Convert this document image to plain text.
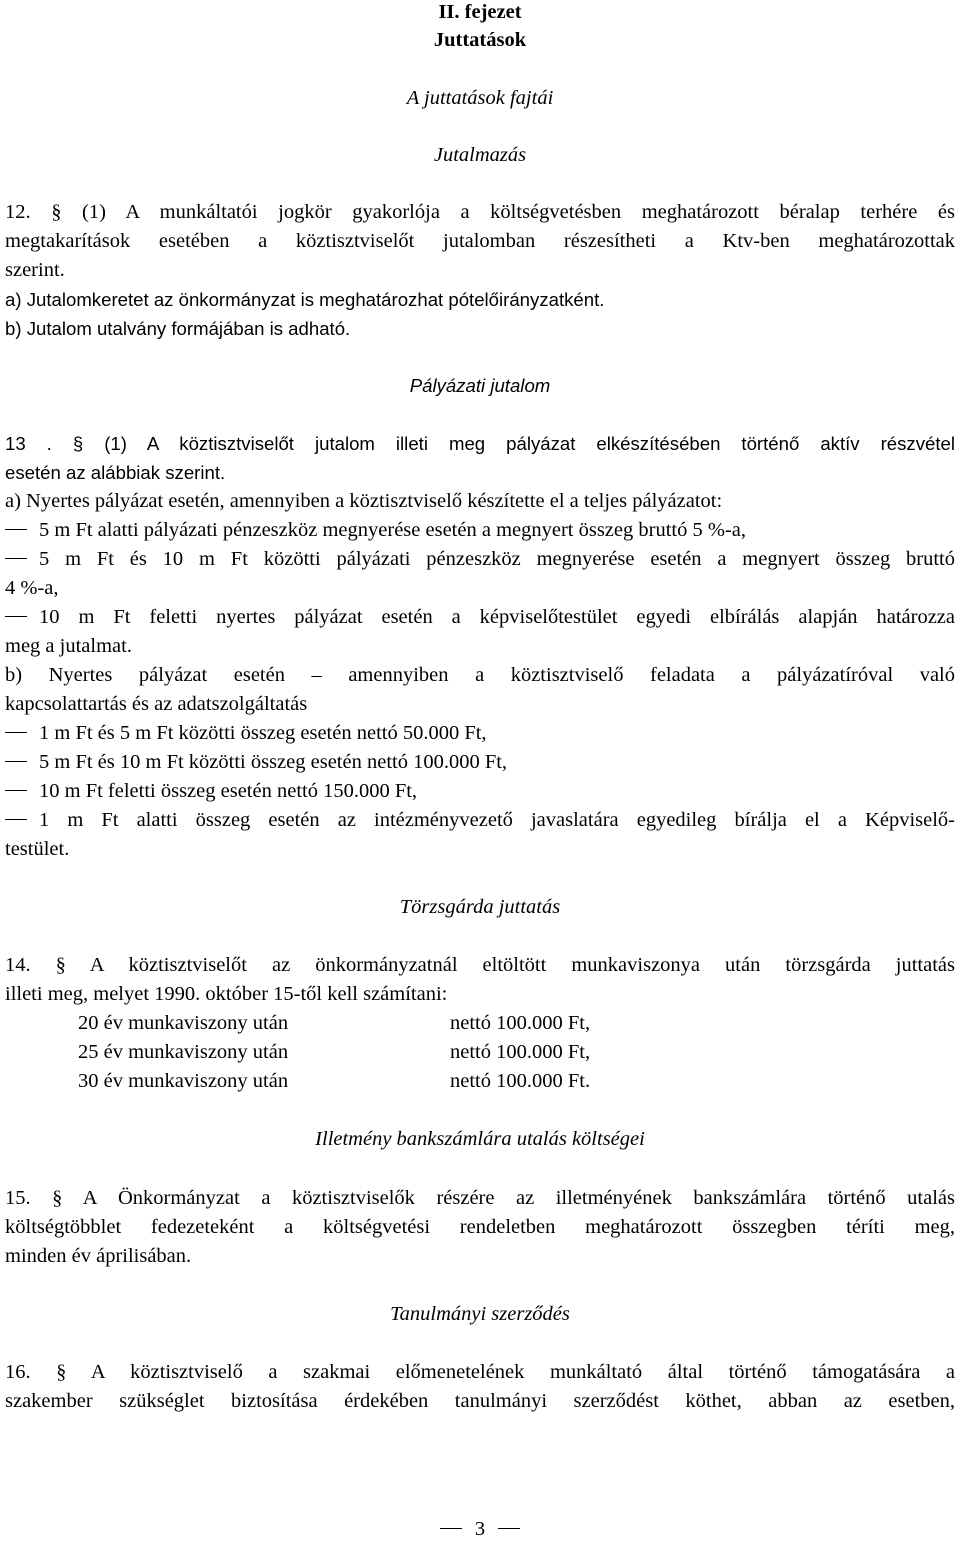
II. fejezet
Juttatások
A juttatások fajtái
Jutalmazás
12. § (1) A munkáltatói jogkör gyakorlója a költségvetésben meghatározott béralap terhére és
megtakarítások esetében a köztisztviselőt jutalomban részesítheti a Ktv-ben meghatározottak
szerint.
a) Jutalomkeretet az önkormányzat is meghatározhat pótelőirányzatként.
b) Jutalom utalvány formájában is adható.
Pályázati jutalom
13 . § (1) A köztisztviselőt jutalom illeti meg pályázat elkészítésében történő aktív részvétel
esetén az alábbiak szerint.
a) Nyertes pályázat esetén, amennyiben a köztisztviselő készítette el a teljes pályázatot:
5 m Ft alatti pályázati pénzeszköz megnyerése esetén a megnyert összeg bruttó 5 %-a,
5 m Ft és 10 m Ft közötti pályázati pénzeszköz megnyerése esetén a megnyert összeg bruttó
4 %-a,
10 m Ft feletti nyertes pályázat esetén a képviselőtestület egyedi elbírálás alapján határozza
meg a jutalmat.
b) Nyertes pályázat esetén – amennyiben a köztisztviselő feladata a pályázatíróval való
kapcsolattartás és az adatszolgáltatás
1 m Ft és 5 m Ft közötti összeg esetén nettó 50.000 Ft,
5 m Ft és 10 m Ft közötti összeg esetén nettó 100.000 Ft,
10 m Ft feletti összeg esetén nettó 150.000 Ft,
1 m Ft alatti összeg esetén az intézményvezető javaslatára egyedileg bírálja el a Képviselő-
testület.
Törzsgárda juttatás
14. § A köztisztviselőt az önkormányzatnál eltöltött munkaviszonya után törzsgárda juttatás
illeti meg, melyet 1990. október 15-től kell számítani:
20 év munkaviszony után	nettó 100.000 Ft,
25 év munkaviszony után	nettó 100.000 Ft,
30 év munkaviszony után	nettó 100.000 Ft.
Illetmény bankszámlára utalás költségei
15. § A Önkormányzat a köztisztviselők részére az illetményének bankszámlára történő utalás
költségtöbblet fedezeteként a költségvetési rendeletben meghatározott összegben téríti meg,
minden év áprilisában.
Tanulmányi szerződés
16. § A köztisztviselő a szakmai előmenetelének munkáltató által történő támogatására a
szakember szükséglet biztosítása érdekében tanulmányi szerződést köthet, abban az esetben,
3
